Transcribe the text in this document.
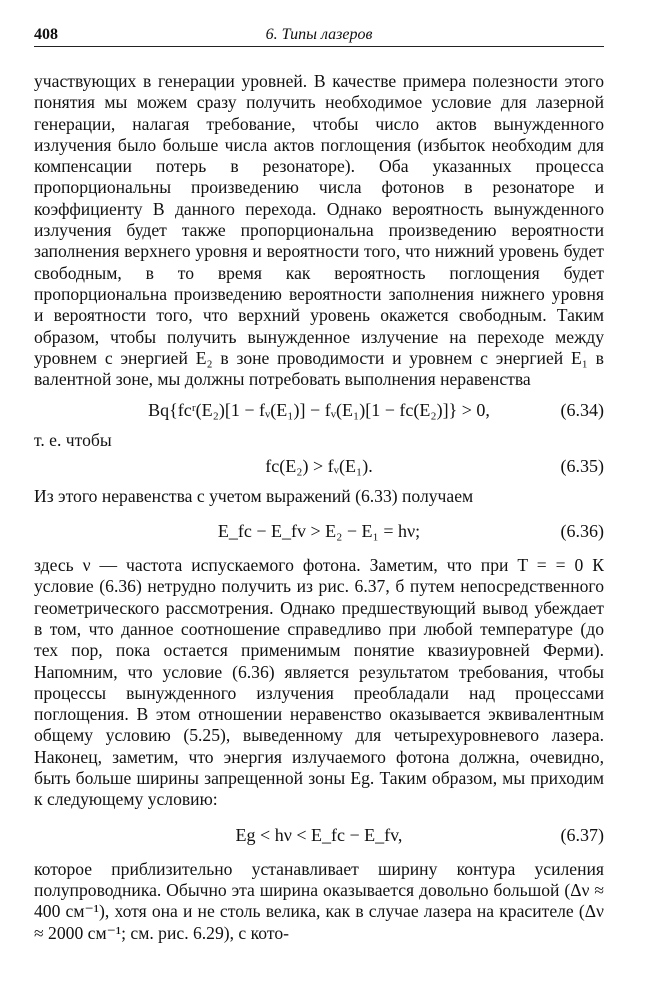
408	6. Типы лазеров

участвующих в генерации уровней. В качестве примера полезности этого понятия мы можем сразу получить необходимое условие для лазерной генерации, налагая требование, чтобы число актов вынужденного излучения было больше числа актов поглощения (избыток необходим для компенсации потерь в резонаторе). Оба указанных процесса пропорциональны произведению числа фотонов в резонаторе и коэффициенту B данного перехода. Однако вероятность вынужденного излучения будет также пропорциональна произведению вероятности заполнения верхнего уровня и вероятности того, что нижний уровень будет свободным, в то время как вероятность поглощения будет пропорциональна произведению вероятности заполнения нижнего уровня и вероятности того, что верхний уровень окажется свободным. Таким образом, чтобы получить вынужденное излучение на переходе между уровнем с энергией E₂ в зоне проводимости и уровнем с энергией E₁ в валентной зоне, мы должны потребовать выполнения неравенства

Bq{fcʳ(E₂)[1 − fᵥ(E₁)] − fᵥ(E₁)[1 − fc(E₂)]} > 0,	(6.34)

т. е. чтобы

fc(E₂) > fᵥ(E₁).	(6.35)

Из этого неравенства с учетом выражений (6.33) получаем

E_fc − E_fv > E₂ − E₁ = hν;	(6.36)

здесь ν — частота испускаемого фотона. Заметим, что при T = = 0 К условие (6.36) нетрудно получить из рис. 6.37, б путем непосредственного геометрического рассмотрения. Однако предшествующий вывод убеждает в том, что данное соотношение справедливо при любой температуре (до тех пор, пока остается применимым понятие квазиуровней Ферми). Напомним, что условие (6.36) является результатом требования, чтобы процессы вынужденного излучения преобладали над процессами поглощения. В этом отношении неравенство оказывается эквивалентным общему условию (5.25), выведенному для четырехуровневого лазера. Наконец, заметим, что энергия излучаемого фотона должна, очевидно, быть больше ширины запрещенной зоны Eg. Таким образом, мы приходим к следующему условию:

Eg < hν < E_fc − E_fv,	(6.37)

которое приблизительно устанавливает ширину контура усиления полупроводника. Обычно эта ширина оказывается довольно большой (Δν ≈ 400 см⁻¹), хотя она и не столь велика, как в случае лазера на красителе (Δν ≈ 2000 см⁻¹; см. рис. 6.29), с кото-
